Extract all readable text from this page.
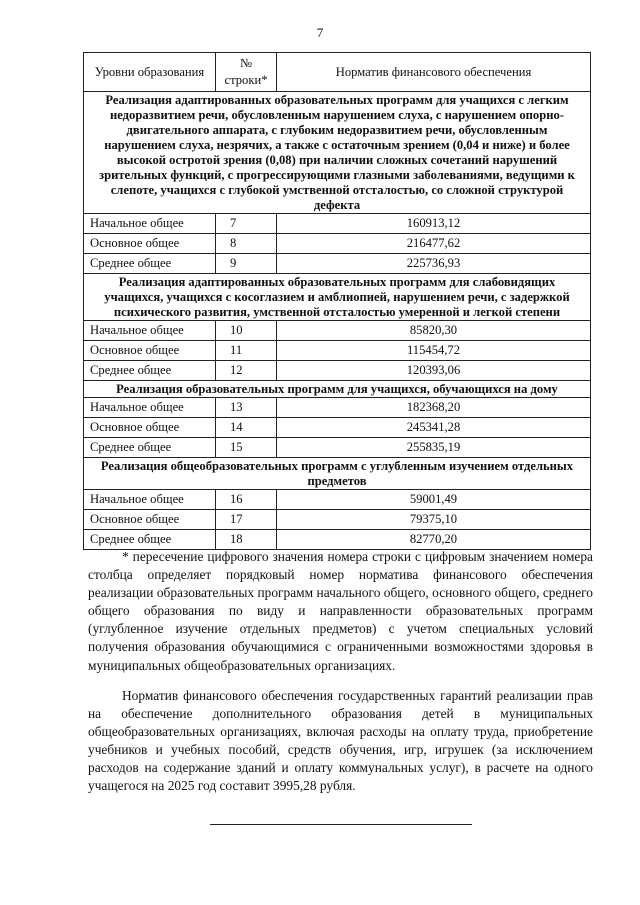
7
Уровни образования	№ строки*	Норматив финансового обеспечения
Реализация адаптированных образовательных программ для учащихся с легким недоразвитием речи, обусловленным нарушением слуха, с нарушением опорно-двигательного аппарата, с глубоким недоразвитием речи, обусловленным нарушением слуха, незрячих, а также с остаточным зрением (0,04 и ниже) и более высокой остротой зрения (0,08) при наличии сложных сочетаний нарушений зрительных функций, с прогрессирующими глазными заболеваниями, ведущими к слепоте, учащихся с глубокой умственной отсталостью, со сложной структурой дефекта		
Начальное общее	7	160913,12
Основное общее	8	216477,62
Среднее общее	9	225736,93
Реализация адаптированных образовательных программ для слабовидящих учащихся, учащихся с косоглазием и амблиопией, нарушением речи, с задержкой психического развития, умственной отсталостью умеренной и легкой степени		
Начальное общее	10	85820,30
Основное общее	11	115454,72
Среднее общее	12	120393,06
Реализация образовательных программ для учащихся, обучающихся на дому		
Начальное общее	13	182368,20
Основное общее	14	245341,28
Среднее общее	15	255835,19
Реализация общеобразовательных программ с углубленным изучением отдельных предметов		
Начальное общее	16	59001,49
Основное общее	17	79375,10
Среднее общее	18	82770,20

* пересечение цифрового значения номера строки с цифровым значением номера столбца определяет порядковый номер норматива финансового обеспечения реализации образовательных программ начального общего, основного общего, среднего общего образования по виду и направленности образовательных программ (углубленное изучение отдельных предметов) с учетом специальных условий получения образования обучающимися с ограниченными возможностями здоровья в муниципальных общеобразовательных организациях.

Норматив финансового обеспечения государственных гарантий реализации прав на обеспечение дополнительного образования детей в муниципальных общеобразовательных организациях, включая расходы на оплату труда, приобретение учебников и учебных пособий, средств обучения, игр, игрушек (за исключением расходов на содержание зданий и оплату коммунальных услуг), в расчете на одного учащегося на 2025 год составит 3995,28 рубля.
